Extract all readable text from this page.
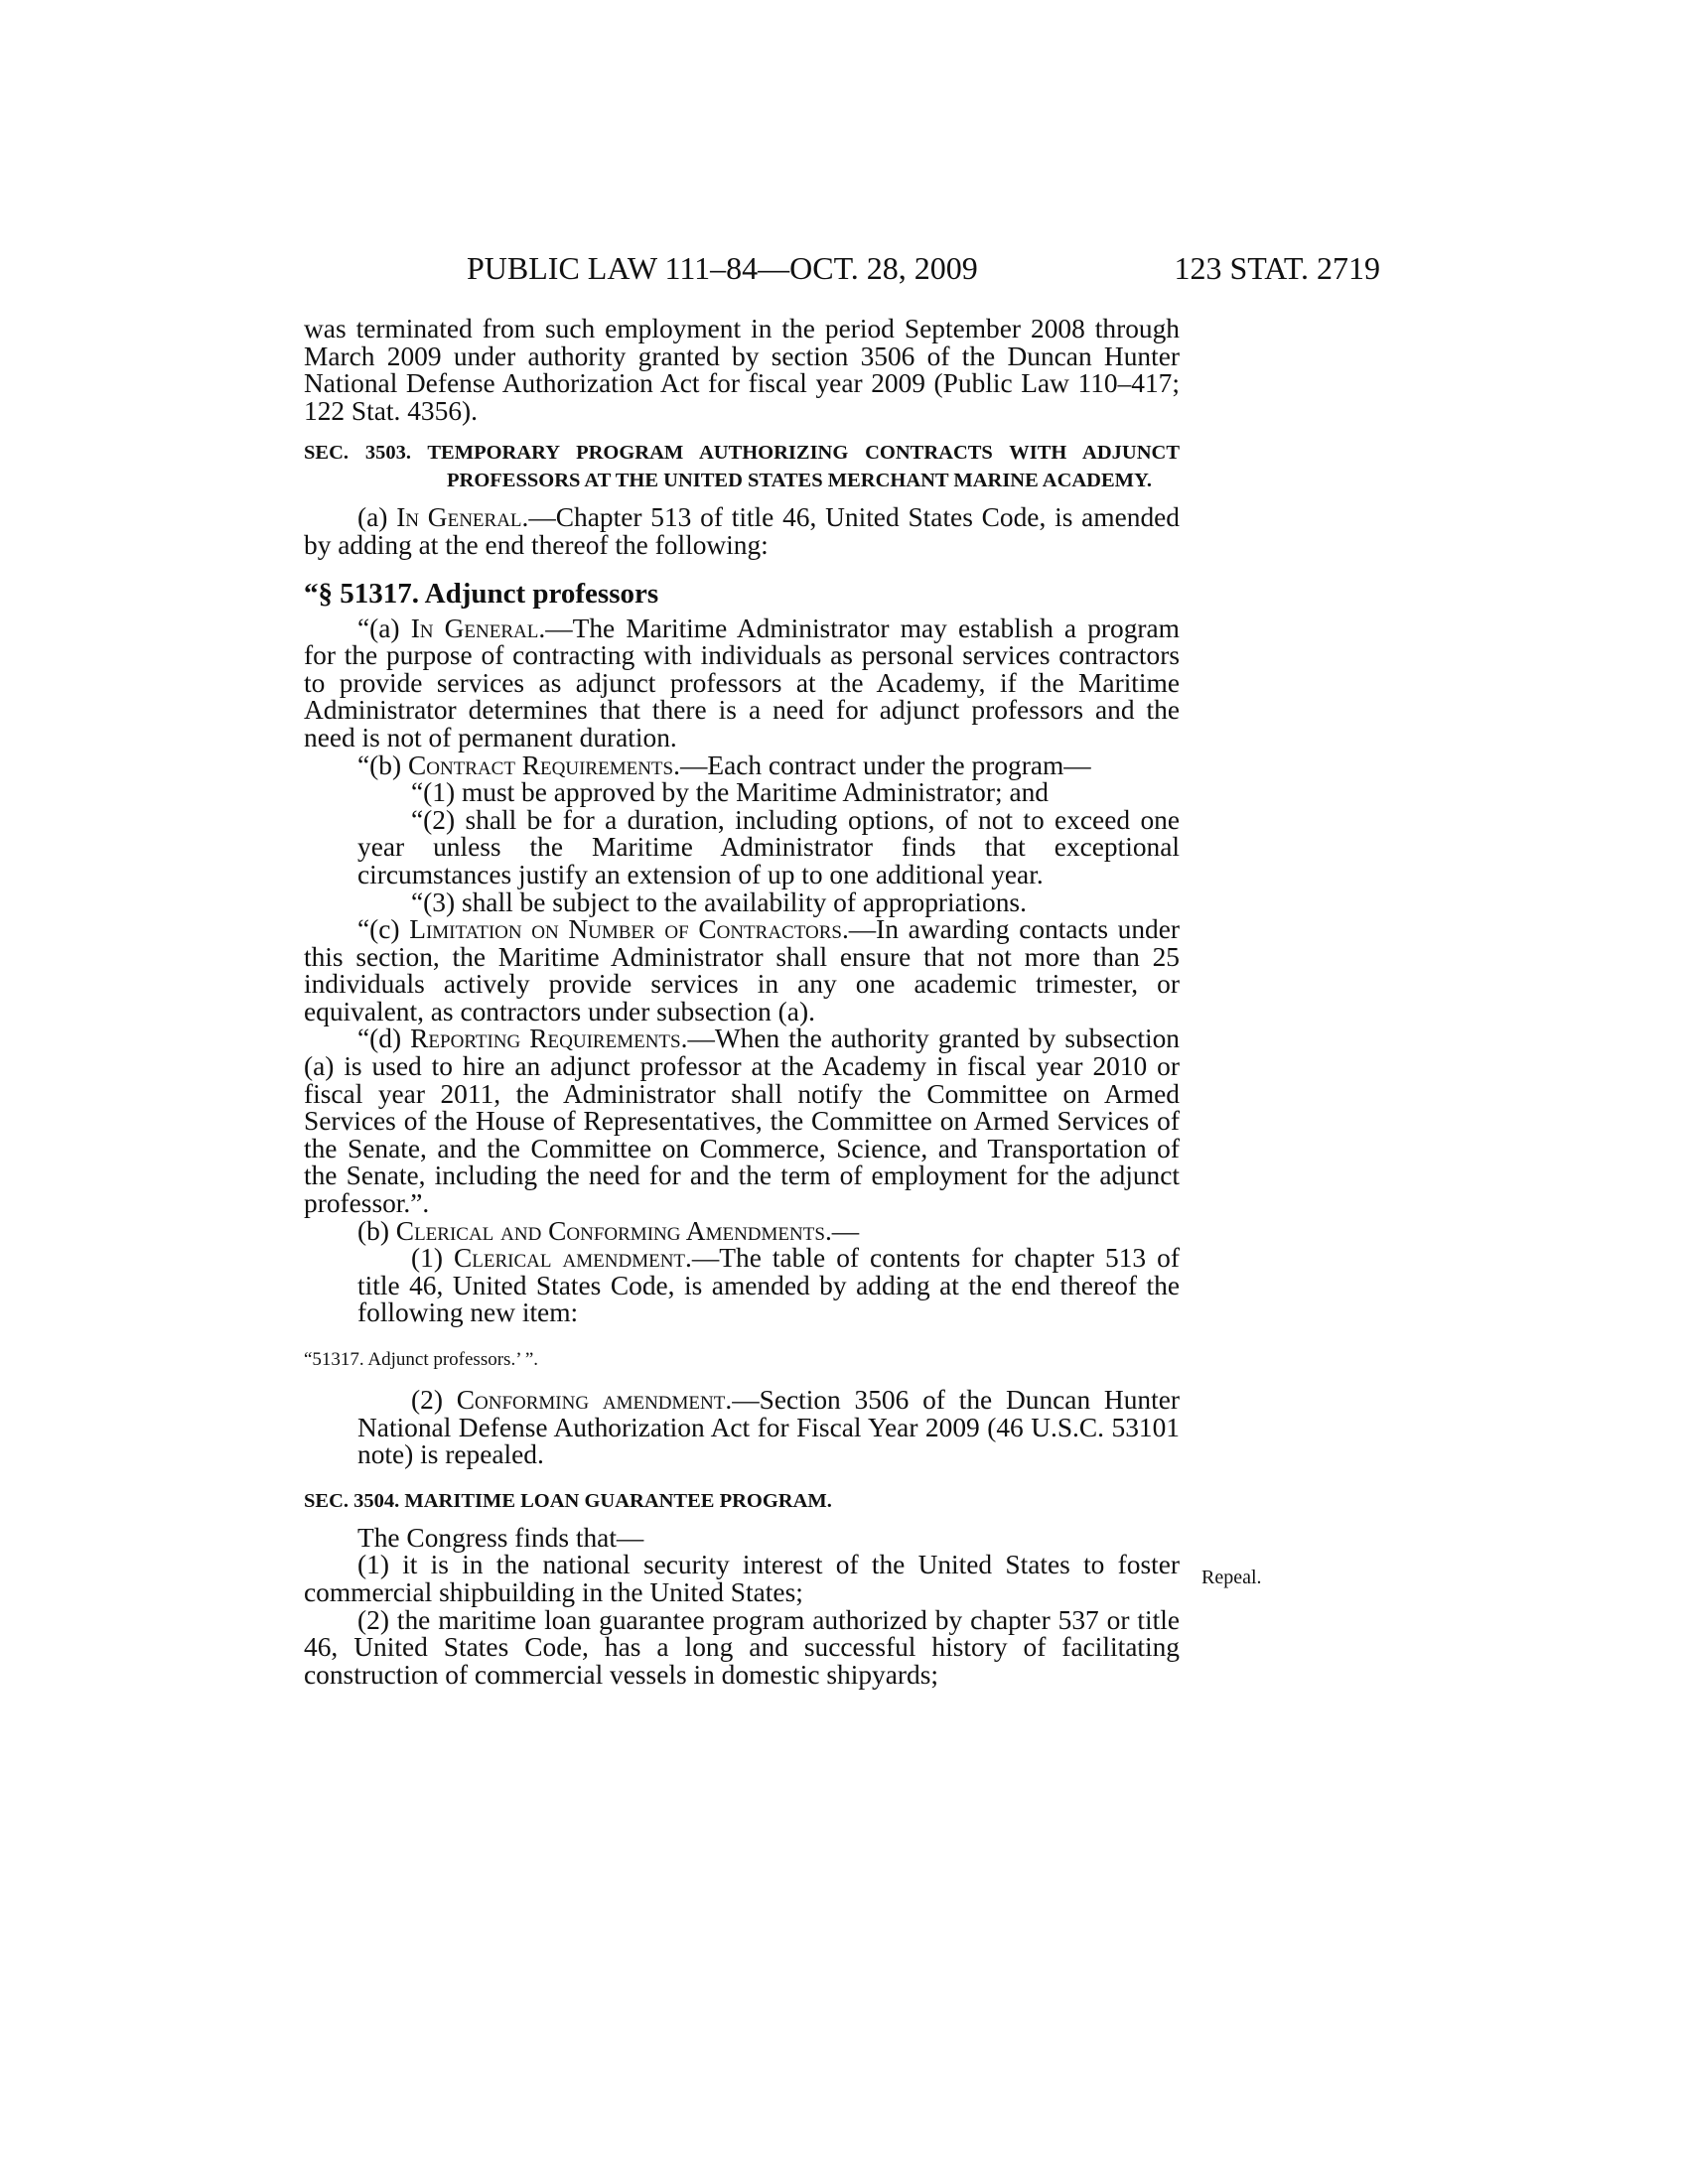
PUBLIC LAW 111–84—OCT. 28, 2009	123 STAT. 2719

was terminated from such employment in the period September 2008 through March 2009 under authority granted by section 3506 of the Duncan Hunter National Defense Authorization Act for fiscal year 2009 (Public Law 110–417; 122 Stat. 4356).

SEC. 3503. TEMPORARY PROGRAM AUTHORIZING CONTRACTS WITH ADJUNCT PROFESSORS AT THE UNITED STATES MERCHANT MARINE ACADEMY.

(a) In General.—Chapter 513 of title 46, United States Code, is amended by adding at the end thereof the following:

“§ 51317. Adjunct professors

“(a) In General.—The Maritime Administrator may establish a program for the purpose of contracting with individuals as personal services contractors to provide services as adjunct professors at the Academy, if the Maritime Administrator determines that there is a need for adjunct professors and the need is not of permanent duration.

“(b) Contract Requirements.—Each contract under the program—

“(1) must be approved by the Maritime Administrator; and

“(2) shall be for a duration, including options, of not to exceed one year unless the Maritime Administrator finds that exceptional circumstances justify an extension of up to one additional year.

“(3) shall be subject to the availability of appropriations.

“(c) Limitation on Number of Contractors.—In awarding contacts under this section, the Maritime Administrator shall ensure that not more than 25 individuals actively provide services in any one academic trimester, or equivalent, as contractors under subsection (a).

“(d) Reporting Requirements.—When the authority granted by subsection (a) is used to hire an adjunct professor at the Academy in fiscal year 2010 or fiscal year 2011, the Administrator shall notify the Committee on Armed Services of the House of Representatives, the Committee on Armed Services of the Senate, and the Committee on Commerce, Science, and Transportation of the Senate, including the need for and the term of employment for the adjunct professor.”.

(b) Clerical and Conforming Amendments.—

(1) Clerical amendment.—The table of contents for chapter 513 of title 46, United States Code, is amended by adding at the end thereof the following new item:

“51317. Adjunct professors.’ ”.

(2) Conforming amendment.—Section 3506 of the Duncan Hunter National Defense Authorization Act for Fiscal Year 2009 (46 U.S.C. 53101 note) is repealed.

SEC. 3504. MARITIME LOAN GUARANTEE PROGRAM.

The Congress finds that—

(1) it is in the national security interest of the United States to foster commercial shipbuilding in the United States;

(2) the maritime loan guarantee program authorized by chapter 537 or title 46, United States Code, has a long and successful history of facilitating construction of commercial vessels in domestic shipyards;

Repeal.
